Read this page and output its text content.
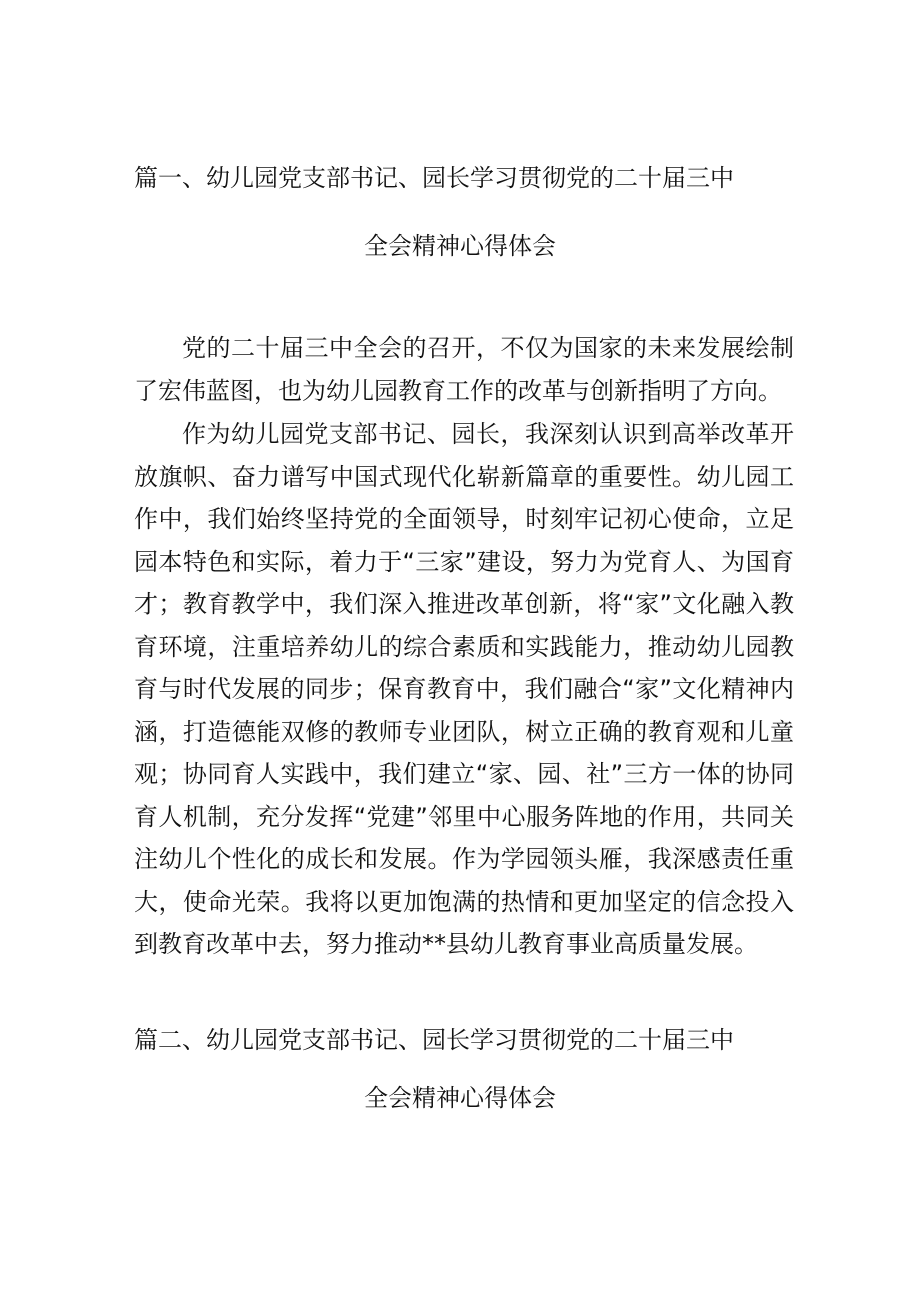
篇一、幼儿园党支部书记、园长学习贯彻党的二十届三中
全会精神心得体会

党的二十届三中全会的召开，不仅为国家的未来发展绘制了宏伟蓝图，也为幼儿园教育工作的改革与创新指明了方向。

作为幼儿园党支部书记、园长，我深刻认识到高举改革开放旗帜、奋力谱写中国式现代化崭新篇章的重要性。幼儿园工作中，我们始终坚持党的全面领导，时刻牢记初心使命，立足园本特色和实际，着力于“三家”建设，努力为党育人、为国育才；教育教学中，我们深入推进改革创新，将“家”文化融入教育环境，注重培养幼儿的综合素质和实践能力，推动幼儿园教育与时代发展的同步；保育教育中，我们融合“家”文化精神内涵，打造德能双修的教师专业团队，树立正确的教育观和儿童观；协同育人实践中，我们建立“家、园、社”三方一体的协同育人机制，充分发挥“党建”邻里中心服务阵地的作用，共同关注幼儿个性化的成长和发展。作为学园领头雁，我深感责任重大，使命光荣。我将以更加饱满的热情和更加坚定的信念投入到教育改革中去，努力推动**县幼儿教育事业高质量发展。

篇二、幼儿园党支部书记、园长学习贯彻党的二十届三中
全会精神心得体会
